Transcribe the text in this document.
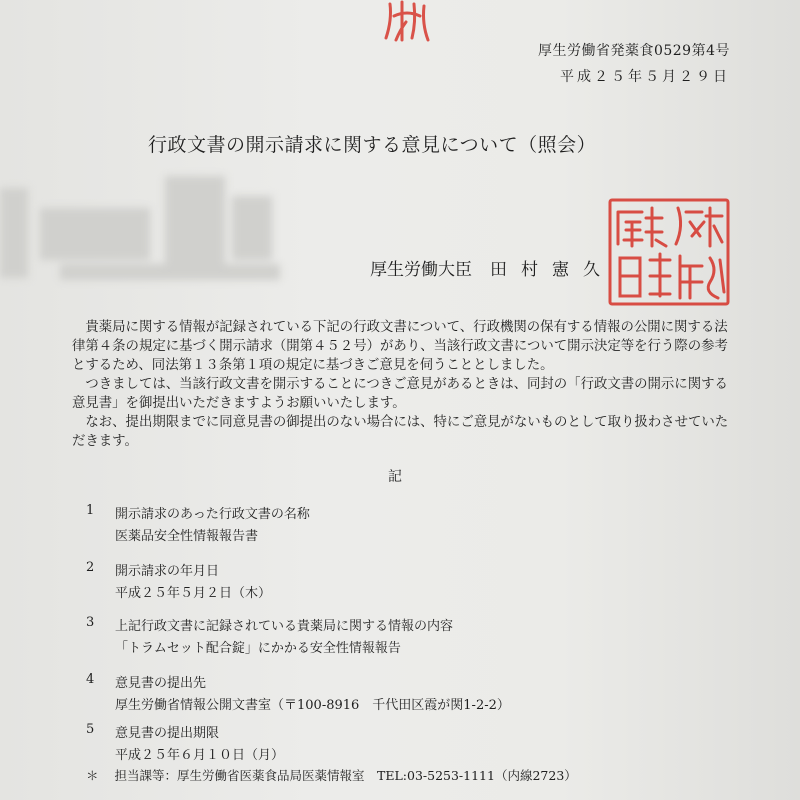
厚生労働省発薬食0529第4号
平成２５年５月２９日
行政文書の開示請求に関する意見について（照会）
厚生労働大臣 田村憲久

貴薬局に関する情報が記録されている下記の行政文書について、行政機関の保有する情報の公開に関する法律第４条の規定に基づく開示請求（開第４５２号）があり、当該行政文書について開示決定等を行う際の参考とするため、同法第１３条第１項の規定に基づきご意見を伺うこととしました。

つきましては、当該行政文書を開示することにつきご意見があるときは、同封の「行政文書の開示に関する意見書」を御提出いただきますようお願いいたします。

なお、提出期限までに同意見書の御提出のない場合には、特にご意見がないものとして取り扱わさせていただきます。

記
1 開示請求のあった行政文書の名称
医薬品安全性情報報告書
2 開示請求の年月日
平成２５年５月２日（木）
3 上記行政文書に記録されている貴薬局に関する情報の内容
「トラムセット配合錠」にかかる安全性情報報告
4 意見書の提出先
厚生労働省情報公開文書室（〒100-8916　千代田区霞が関1-2-2）
5 意見書の提出期限
平成２５年６月１０日（月）
＊ 担当課等：厚生労働省医薬食品局医薬情報室　TEL:03-5253-1111（内線2723）
